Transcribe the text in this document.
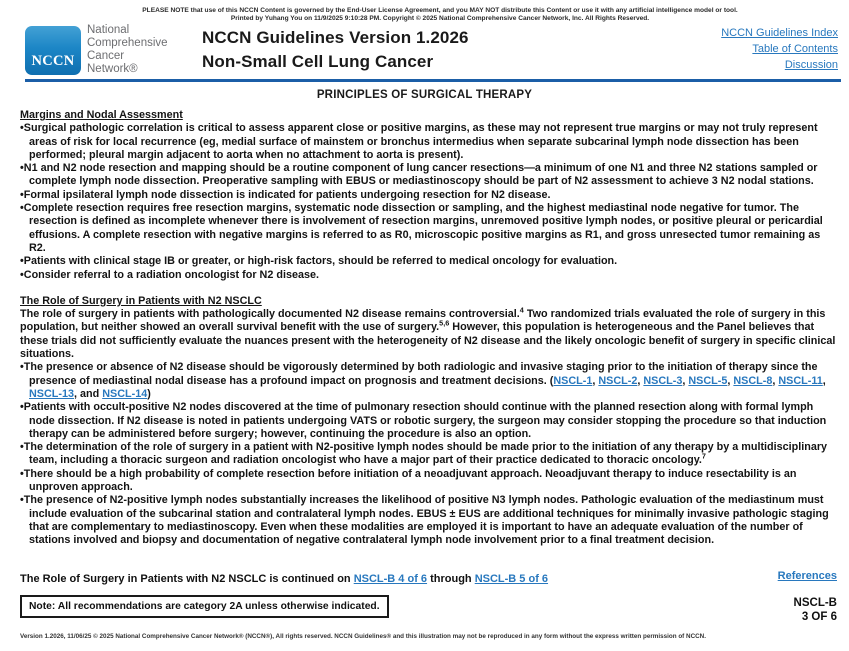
PLEASE NOTE that use of this NCCN Content is governed by the End-User License Agreement, and you MAY NOT distribute this Content or use it with any artificial intelligence model or tool.
Printed by Yuhang You on 11/9/2025 9:10:28 PM. Copyright © 2025 National Comprehensive Cancer Network, Inc. All Rights Reserved.
NCCN
National
Comprehensive
Cancer
Network®
NCCN Guidelines Version 1.2026
Non-Small Cell Lung Cancer
NCCN Guidelines Index
Table of Contents
Discussion
PRINCIPLES OF SURGICAL THERAPY
Margins and Nodal Assessment
• Surgical pathologic correlation is critical to assess apparent close or positive margins, as these may not represent true margins or may not truly represent areas of risk for local recurrence (eg, medial surface of mainstem or bronchus intermedius when separate subcarinal lymph node dissection has been performed; pleural margin adjacent to aorta when no attachment to aorta is present).
• N1 and N2 node resection and mapping should be a routine component of lung cancer resections—a minimum of one N1 and three N2 stations sampled or complete lymph node dissection. Preoperative sampling with EBUS or mediastinoscopy should be part of N2 assessment to achieve 3 N2 nodal stations.
• Formal ipsilateral lymph node dissection is indicated for patients undergoing resection for N2 disease.
• Complete resection requires free resection margins, systematic node dissection or sampling, and the highest mediastinal node negative for tumor. The resection is defined as incomplete whenever there is involvement of resection margins, unremoved positive lymph nodes, or positive pleural or pericardial effusions. A complete resection with negative margins is referred to as R0, microscopic positive margins as R1, and gross unresected tumor remaining as R2.
• Patients with clinical stage IB or greater, or high-risk factors, should be referred to medical oncology for evaluation.
• Consider referral to a radiation oncologist for N2 disease.
The Role of Surgery in Patients with N2 NSCLC

The role of surgery in patients with pathologically documented N2 disease remains controversial.$^4$ Two randomized trials evaluated the role of surgery in this population, but neither showed an overall survival benefit with the use of surgery.$^{5,6}$ However, this population is heterogeneous and the Panel believes that these trials did not sufficiently evaluate the nuances present with the heterogeneity of N2 disease and the likely oncologic benefit of surgery in specific clinical situations.

• The presence or absence of N2 disease should be vigorously determined by both radiologic and invasive staging prior to the initiation of therapy since the presence of mediastinal nodal disease has a profound impact on prognosis and treatment decisions. (NSCL-1, NSCL-2, NSCL-3, NSCL-5, NSCL-8, NSCL-11, NSCL-13, and NSCL-14)
• Patients with occult-positive N2 nodes discovered at the time of pulmonary resection should continue with the planned resection along with formal lymph node dissection. If N2 disease is noted in patients undergoing VATS or robotic surgery, the surgeon may consider stopping the procedure so that induction therapy can be administered before surgery; however, continuing the procedure is also an option.
• The determination of the role of surgery in a patient with N2-positive lymph nodes should be made prior to the initiation of any therapy by a multidisciplinary team, including a thoracic surgeon and radiation oncologist who have a major part of their practice dedicated to thoracic oncology.$^7$
• There should be a high probability of complete resection before initiation of a neoadjuvant approach. Neoadjuvant therapy to induce resectability is an unproven approach.
• The presence of N2-positive lymph nodes substantially increases the likelihood of positive N3 lymph nodes. Pathologic evaluation of the mediastinum must include evaluation of the subcarinal station and contralateral lymph nodes. EBUS ± EUS are additional techniques for minimally invasive pathologic staging that are complementary to mediastinoscopy. Even when these modalities are employed it is important to have an adequate evaluation of the number of stations involved and biopsy and documentation of negative contralateral lymph node involvement prior to a final treatment decision.

The Role of Surgery in Patients with N2 NSCLC is continued on NSCL-B 4 of 6 through NSCL-B 5 of 6	References
Note: All recommendations are category 2A unless otherwise indicated.
Version 1.2026, 11/06/25 © 2025 National Comprehensive Cancer Network® (NCCN®), All rights reserved. NCCN Guidelines® and this illustration may not be reproduced in any form without the express written permission of NCCN.
NSCL-B
3 OF 6
